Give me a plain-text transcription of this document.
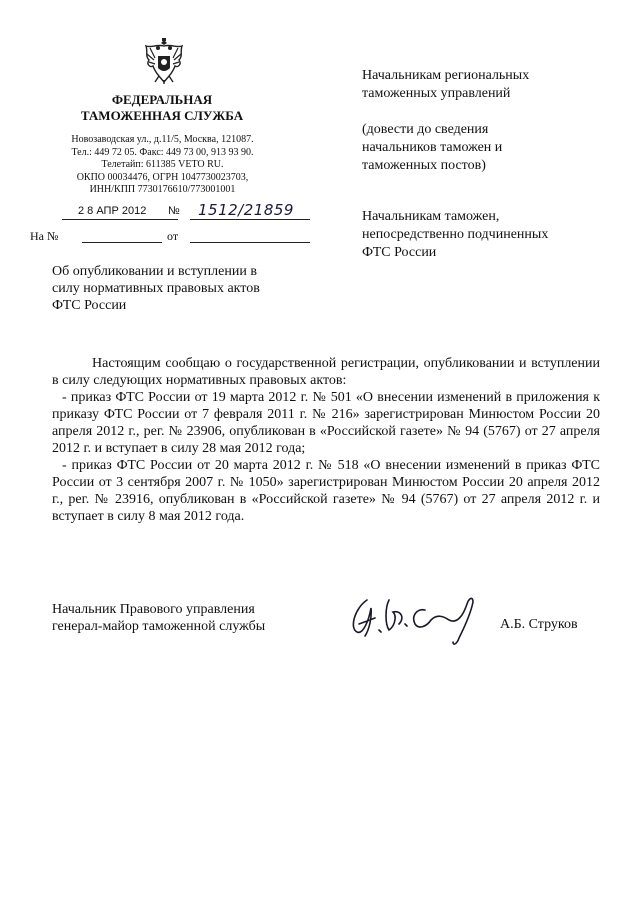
ФЕДЕРАЛЬНАЯ
ТАМОЖЕННАЯ СЛУЖБА
Новозаводская ул., д.11/5, Москва, 121087.
Тел.: 449 72 05. Факс: 449 73 00, 913 93 90.
Телетайп: 611385 VETO RU.
ОКПО 00034476, ОГРН 1047730023703,
ИНН/КПП 7730176610/773001001
2 8 АПР 2012 № 1512/21859
На №	от
Об опубликовании и вступлении в
силу нормативных правовых актов
ФТС России
Начальникам региональных
таможенных управлений
(довести до сведения
начальников таможен и
таможенных постов)
Начальникам таможен,
непосредственно подчиненных
ФТС России

Настоящим сообщаю о государственной регистрации, опубликовании и вступлении в силу следующих нормативных правовых актов:

- приказ ФТС России от 19 марта 2012 г. № 501 «О внесении изменений в приложения к приказу ФТС России от 7 февраля 2011 г. № 216» зарегистрирован Минюстом России 20 апреля 2012 г., рег. № 23906, опубликован в «Российской газете» № 94 (5767) от 27 апреля 2012 г. и вступает в силу 28 мая 2012 года;

- приказ ФТС России от 20 марта 2012 г. № 518 «О внесении изменений в приказ ФТС России от 3 сентября 2007 г. № 1050» зарегистрирован Минюстом России 20 апреля 2012 г., рег. № 23916, опубликован в «Российской газете» № 94 (5767) от 27 апреля 2012 г. и вступает в силу 8 мая 2012 года.

Начальник Правового управления
генерал-майор таможенной службы	А.Б. Струков
